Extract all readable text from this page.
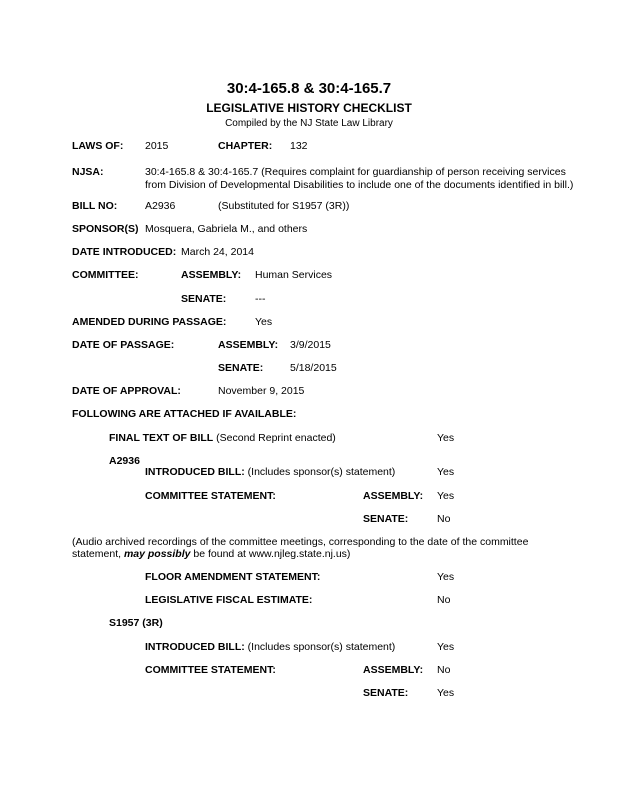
30:4-165.8 & 30:4-165.7
LEGISLATIVE HISTORY CHECKLIST
Compiled by the NJ State Law Library
LAWS OF: 2015	CHAPTER: 132
NJSA:	30:4-165.8 & 30:4-165.7 (Requires complaint for guardianship of person receiving services
from Division of Developmental Disabilities to include one of the documents identified in bill.)
BILL NO:	A2936	(Substituted for S1957 (3R))
SPONSOR(S) Mosquera, Gabriela M., and others
DATE INTRODUCED: March 24, 2014
COMMITTEE:	ASSEMBLY: Human Services
SENATE:	---
AMENDED DURING PASSAGE:	Yes
DATE OF PASSAGE:	ASSEMBLY: 3/9/2015
SENATE:	5/18/2015
DATE OF APPROVAL:	November 9, 2015
FOLLOWING ARE ATTACHED IF AVAILABLE:
FINAL TEXT OF BILL (Second Reprint enacted)	Yes
A2936
INTRODUCED BILL: (Includes sponsor(s) statement)	Yes
COMMITTEE STATEMENT:	ASSEMBLY: Yes
SENATE:	No
(Audio archived recordings of the committee meetings, corresponding to the date of the committee
statement, may possibly be found at www.njleg.state.nj.us)
FLOOR AMENDMENT STATEMENT:	Yes
LEGISLATIVE FISCAL ESTIMATE:	No
S1957 (3R)
INTRODUCED BILL: (Includes sponsor(s) statement)	Yes
COMMITTEE STATEMENT:	ASSEMBLY: No
SENATE:	Yes
